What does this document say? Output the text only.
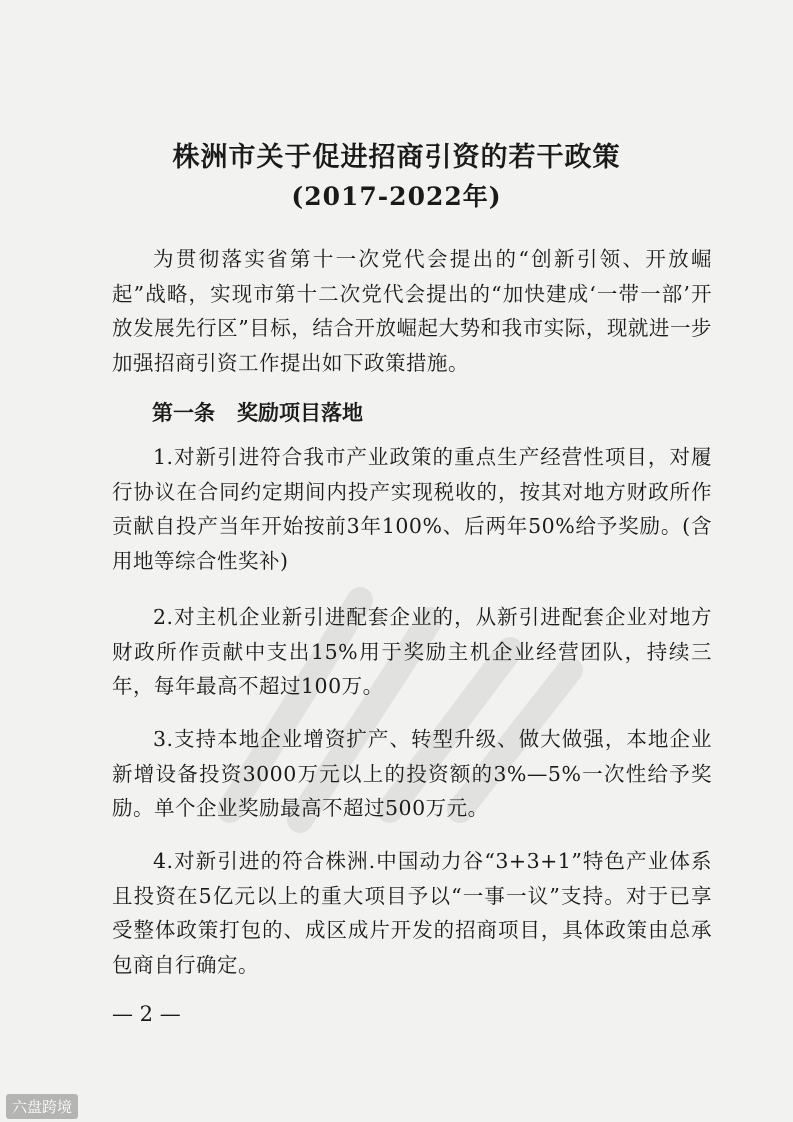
株洲市关于促进招商引资的若干政策
(2017-2022年)
为贯彻落实省第十一次党代会提出的“创新引领、开放崛起”战略，实现市第十二次党代会提出的“加快建成‘一带一部’开放发展先行区”目标，结合开放崛起大势和我市实际，现就进一步加强招商引资工作提出如下政策措施。
第一条 奖励项目落地
1.对新引进符合我市产业政策的重点生产经营性项目，对履行协议在合同约定期间内投产实现税收的，按其对地方财政所作贡献自投产当年开始按前3年100%、后两年50%给予奖励。(含用地等综合性奖补)
2.对主机企业新引进配套企业的，从新引进配套企业对地方财政所作贡献中支出15%用于奖励主机企业经营团队，持续三年，每年最高不超过100万。
3.支持本地企业增资扩产、转型升级、做大做强，本地企业新增设备投资3000万元以上的投资额的3%—5%一次性给予奖励。单个企业奖励最高不超过500万元。
4.对新引进的符合株洲.中国动力谷“3+3+1”特色产业体系且投资在5亿元以上的重大项目予以“一事一议”支持。对于已享受整体政策打包的、成区成片开发的招商项目，具体政策由总承包商自行确定。
— 2 —
六盘跨境
